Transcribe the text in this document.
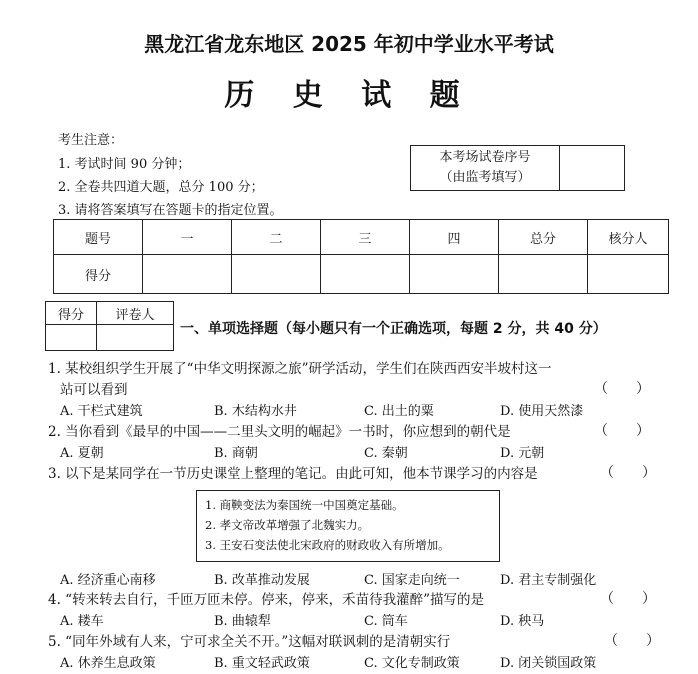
黑龙江省龙东地区 2025 年初中学业水平考试
历 史 试 题
考生注意：
1. 考试时间 90 分钟；
2. 全卷共四道大题，总分 100 分；
3. 请将答案填写在答题卡的指定位置。
本考场试卷序号
（由监考填写）	
题号	一	二	三	四	总分	核分人
得分						
得分	评卷人

一、单项选择题（每小题只有一个正确选项，每题 2 分，共 40 分）
1. 某校组织学生开展了“中华文明探源之旅”研学活动，学生们在陕西西安半坡村这一
站可以看到	（　　）
A. 干栏式建筑	B. 木结构水井	C. 出土的粟	D. 使用天然漆
2. 当你看到《最早的中国——二里头文明的崛起》一书时，你应想到的朝代是	（　　）
A. 夏朝	B. 商朝	C. 秦朝	D. 元朝
3. 以下是某同学在一节历史课堂上整理的笔记。由此可知，他本节课学习的内容是	（　　）
1. 商鞅变法为秦国统一中国奠定基础。
2. 孝文帝改革增强了北魏实力。
3. 王安石变法使北宋政府的财政收入有所增加。
A. 经济重心南移	B. 改革推动发展	C. 国家走向统一	D. 君主专制强化
4. “转来转去自行，千匝万匝未停。停来，停来，禾苗待我灌醉”描写的是	（　　）
A. 耧车	B. 曲辕犁	C. 筒车	D. 秧马
5. “同年外域有人来，宁可求全关不开。”这幅对联讽刺的是清朝实行	（　　）
A. 休养生息政策	B. 重文轻武政策	C. 文化专制政策	D. 闭关锁国政策
